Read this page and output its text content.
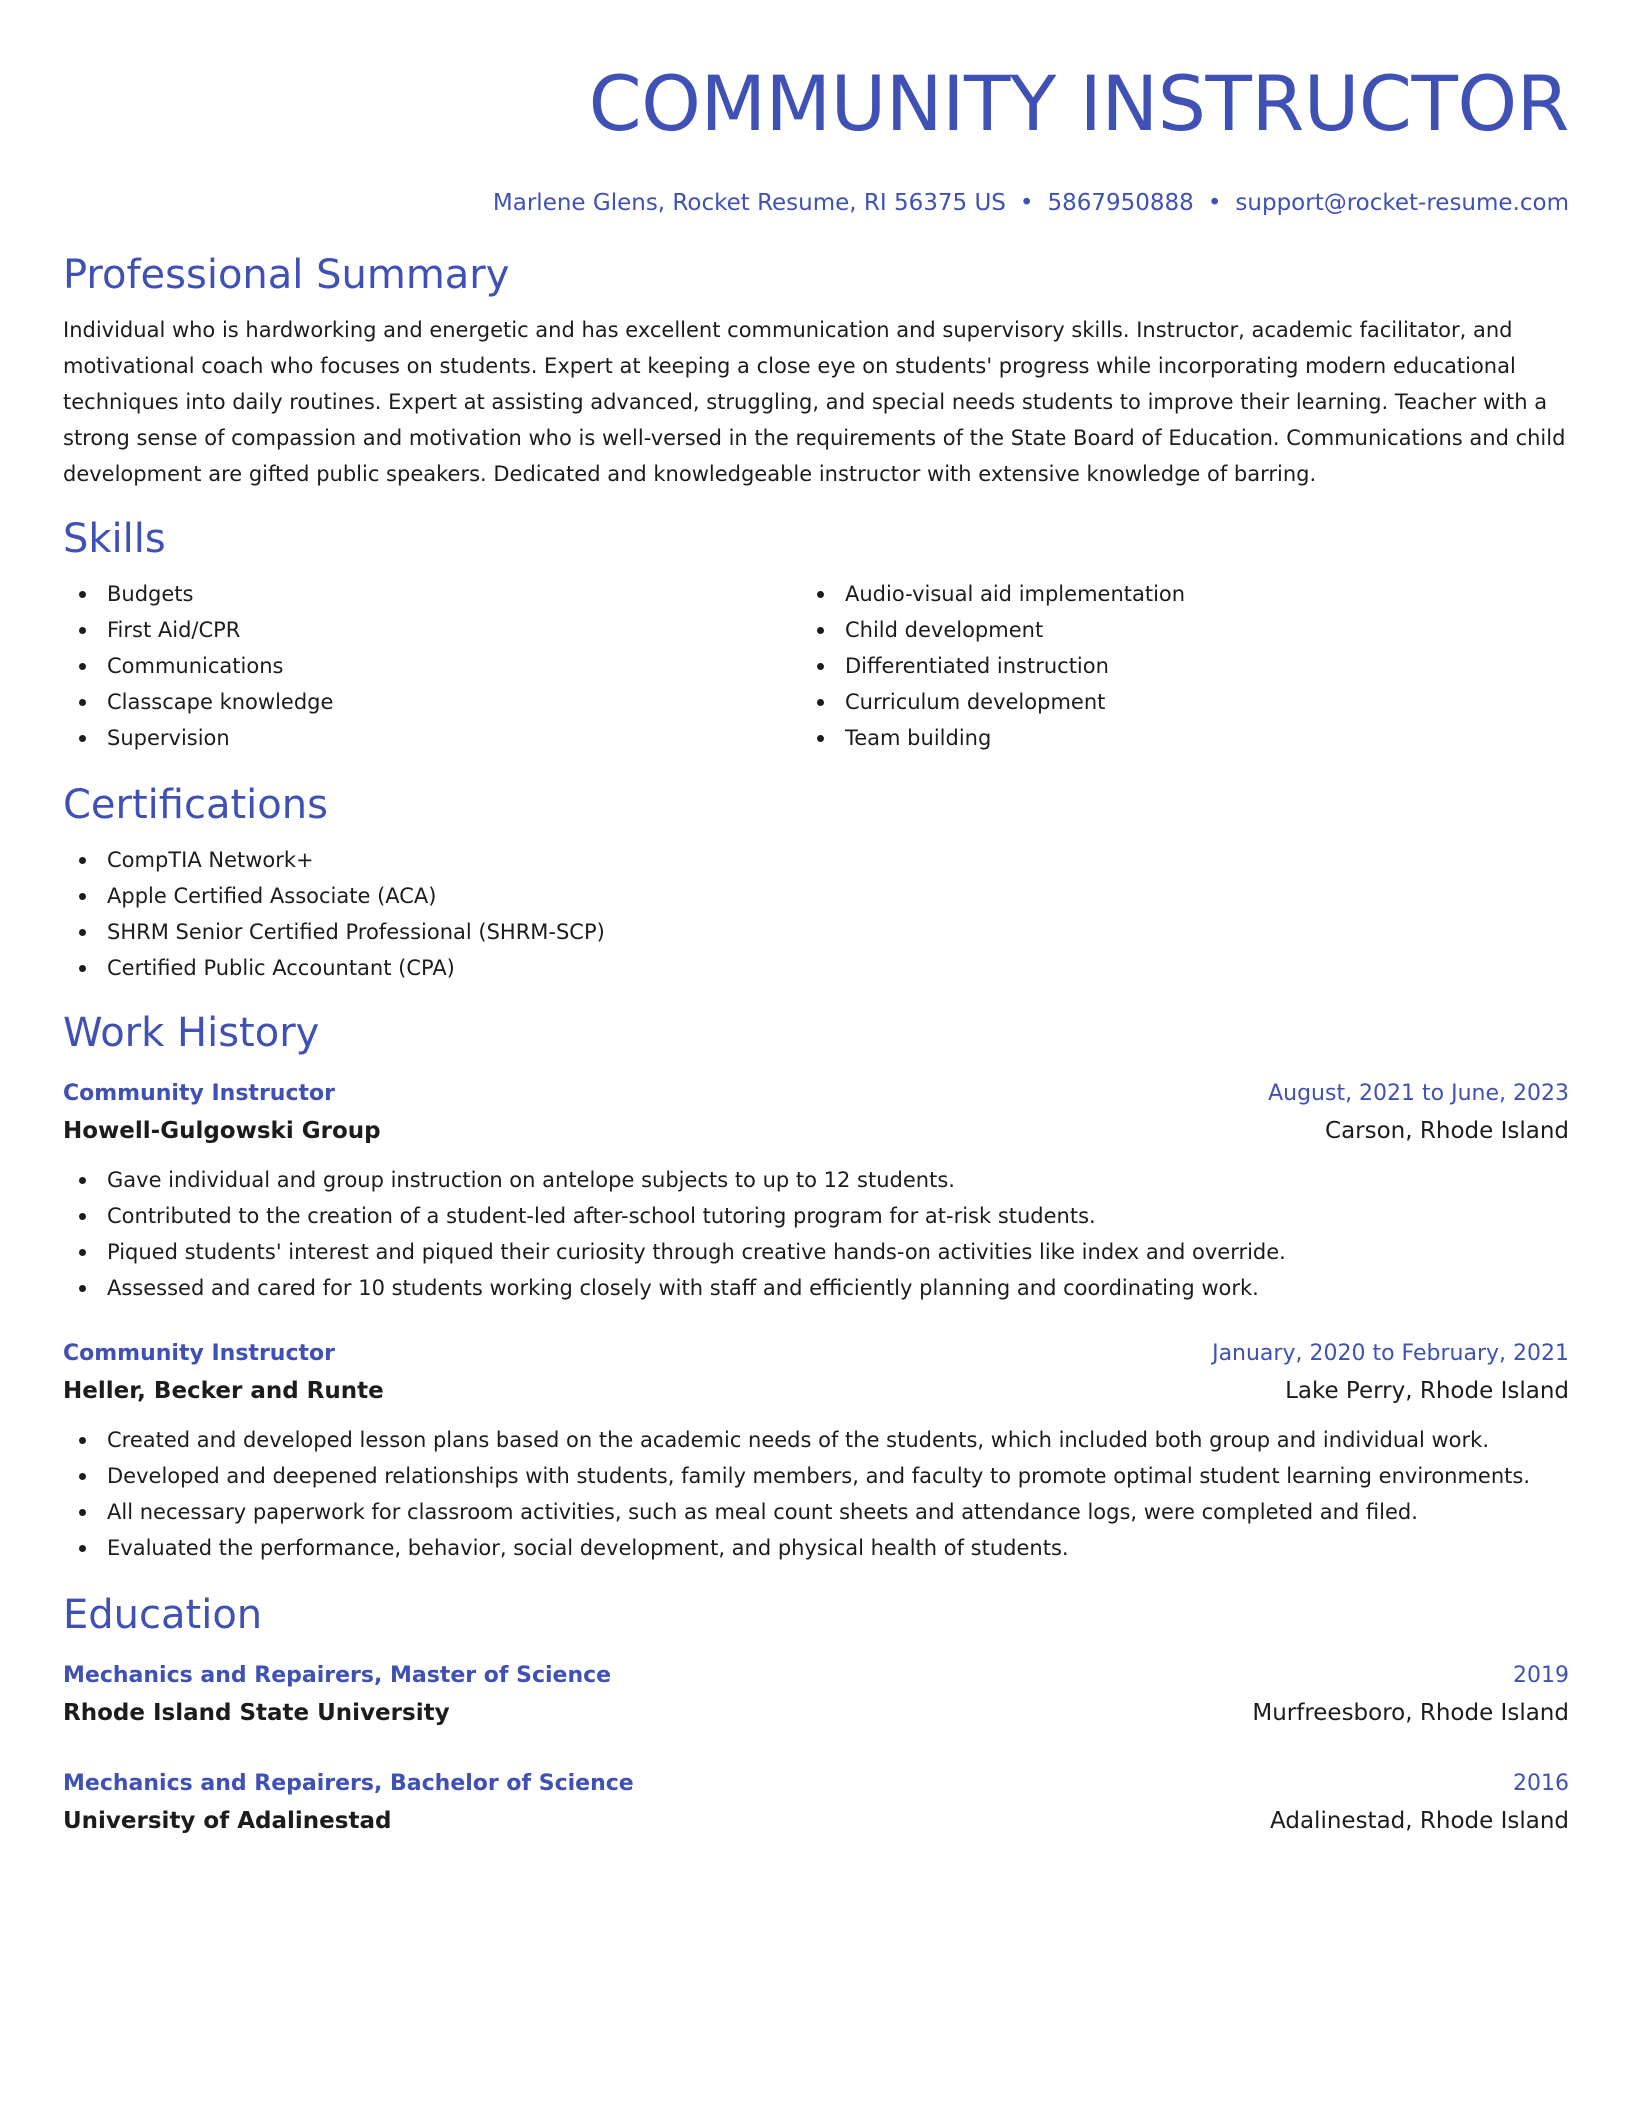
COMMUNITY INSTRUCTOR
Marlene Glens, Rocket Resume, RI 56375 US • 5867950888 • support@rocket-resume.com
Professional Summary

Individual who is hardworking and energetic and has excellent communication and supervisory skills. Instructor, academic facilitator, and motivational coach who focuses on students. Expert at keeping a close eye on students' progress while incorporating modern educational techniques into daily routines. Expert at assisting advanced, struggling, and special needs students to improve their learning. Teacher with a strong sense of compassion and motivation who is well-versed in the requirements of the State Board of Education. Communications and child development are gifted public speakers. Dedicated and knowledgeable instructor with extensive knowledge of barring.

Skills
Budgets
First Aid/CPR
Communications
Classcape knowledge
Supervision
Audio-visual aid implementation
Child development
Differentiated instruction
Curriculum development
Team building
Certifications
CompTIA Network+
Apple Certified Associate (ACA)
SHRM Senior Certified Professional (SHRM-SCP)
Certified Public Accountant (CPA)
Work History
Community Instructor	August, 2021 to June, 2023
Howell-Gulgowski Group	Carson, Rhode Island
Gave individual and group instruction on antelope subjects to up to 12 students.
Contributed to the creation of a student-led after-school tutoring program for at-risk students.
Piqued students' interest and piqued their curiosity through creative hands-on activities like index and override.
Assessed and cared for 10 students working closely with staff and efficiently planning and coordinating work.
Community Instructor	January, 2020 to February, 2021
Heller, Becker and Runte	Lake Perry, Rhode Island
Created and developed lesson plans based on the academic needs of the students, which included both group and individual work.
Developed and deepened relationships with students, family members, and faculty to promote optimal student learning environments.
All necessary paperwork for classroom activities, such as meal count sheets and attendance logs, were completed and filed.
Evaluated the performance, behavior, social development, and physical health of students.
Education
Mechanics and Repairers, Master of Science	2019
Rhode Island State University	Murfreesboro, Rhode Island
Mechanics and Repairers, Bachelor of Science	2016
University of Adalinestad	Adalinestad, Rhode Island
